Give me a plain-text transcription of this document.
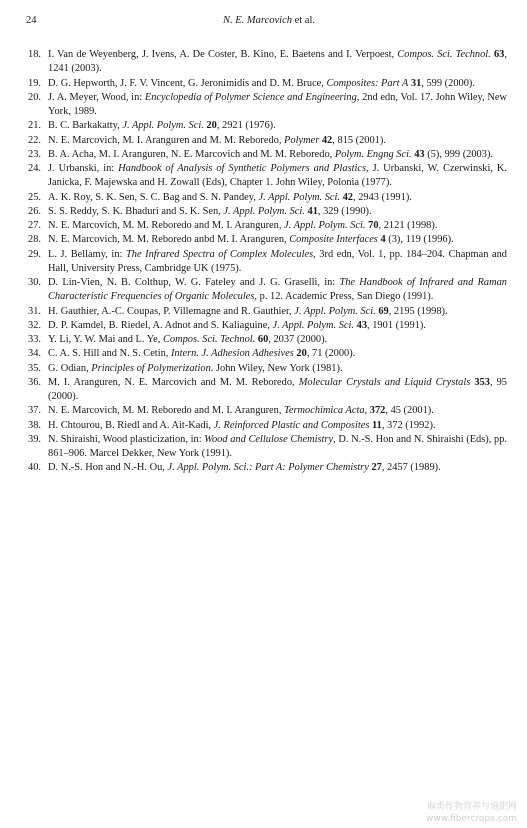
24	N. E. Marcovich et al.
18. I. Van de Weyenberg, J. Ivens, A. De Coster, B. Kino, E. Baetens and I. Verpoest, Compos. Sci. Technol. 63, 1241 (2003).
19. D. G. Hepworth, J. F. V. Vincent, G. Jeronimidis and D. M. Bruce, Composites: Part A 31, 599 (2000).
20. J. A. Meyer, Wood, in: Encyclopedia of Polymer Science and Engineering, 2nd edn, Vol. 17. John Wiley, New York, 1989.
21. B. C. Barkakatty, J. Appl. Polym. Sci. 20, 2921 (1976).
22. N. E. Marcovich, M. I. Aranguren and M. M. Reboredo, Polymer 42, 815 (2001).
23. B. A. Acha, M. I. Aranguren, N. E. Marcovich and M. M. Reboredo, Polym. Engng Sci. 43 (5), 999 (2003).
24. J. Urbanski, in: Handbook of Analysis of Synthetic Polymers and Plastics, J. Urbanski, W. Czerwinski, K. Janicka, F. Majewska and H. Zowall (Eds), Chapter 1. John Wiley, Polonia (1977).
25. A. K. Roy, S. K. Sen, S. C. Bag and S. N. Pandey, J. Appl. Polym. Sci. 42, 2943 (1991).
26. S. S. Reddy, S. K. Bhaduri and S. K. Sen, J. Appl. Polym. Sci. 41, 329 (1990).
27. N. E. Marcovich, M. M. Reboredo and M. I. Aranguren, J. Appl. Polym. Sci. 70, 2121 (1998).
28. N. E. Marcovich, M. M. Reboredo anbd M. I. Aranguren, Composite Interfaces 4 (3), 119 (1996).
29. L. J. Bellamy, in: The Infrared Spectra of Complex Molecules, 3rd edn, Vol. 1, pp. 184–204. Chapman and Hall, University Press, Cambridge UK (1975).
30. D. Lin-Vien, N. B. Colthup, W. G. Fateley and J. G. Graselli, in: The Handbook of Infrared and Raman Characteristic Frequencies of Organic Molecules, p. 12. Academic Press, San Diego (1991).
31. H. Gauthier, A.-C. Coupas, P. Villemagne and R. Gauthier, J. Appl. Polym. Sci. 69, 2195 (1998).
32. D. P. Kamdel, B. Riedel, A. Adnot and S. Kaliaguine, J. Appl. Polym. Sci. 43, 1901 (1991).
33. Y. Li, Y. W. Mai and L. Ye, Compos. Sci. Technol. 60, 2037 (2000).
34. C. A. S. Hill and N. S. Cetin, Intern. J. Adhesion Adhesives 20, 71 (2000).
35. G. Odian, Principles of Polymerization. John Wiley, New York (1981).
36. M. I. Aranguren, N. E. Marcovich and M. M. Reboredo, Molecular Crystals and Liquid Crystals 353, 95 (2000).
37. N. E. Marcovich, M. M. Reboredo and M. I. Aranguren, Termochimica Acta, 372, 45 (2001).
38. H. Chtourou, B. Riedl and A. Ait-Kadi, J. Reinforced Plastic and Composites 11, 372 (1992).
39. N. Shiraishi, Wood plasticization, in: Wood and Cellulose Chemistry, D. N.-S. Hon and N. Shiraishi (Eds), pp. 861–906. Marcel Dekker, New York (1991).
40. D. N.-S. Hon and N.-H. Ou, J. Appl. Polym. Sci.: Part A: Polymer Chemistry 27, 2457 (1989).
麻类作物营养与施肥网
www.fibercrops.com
